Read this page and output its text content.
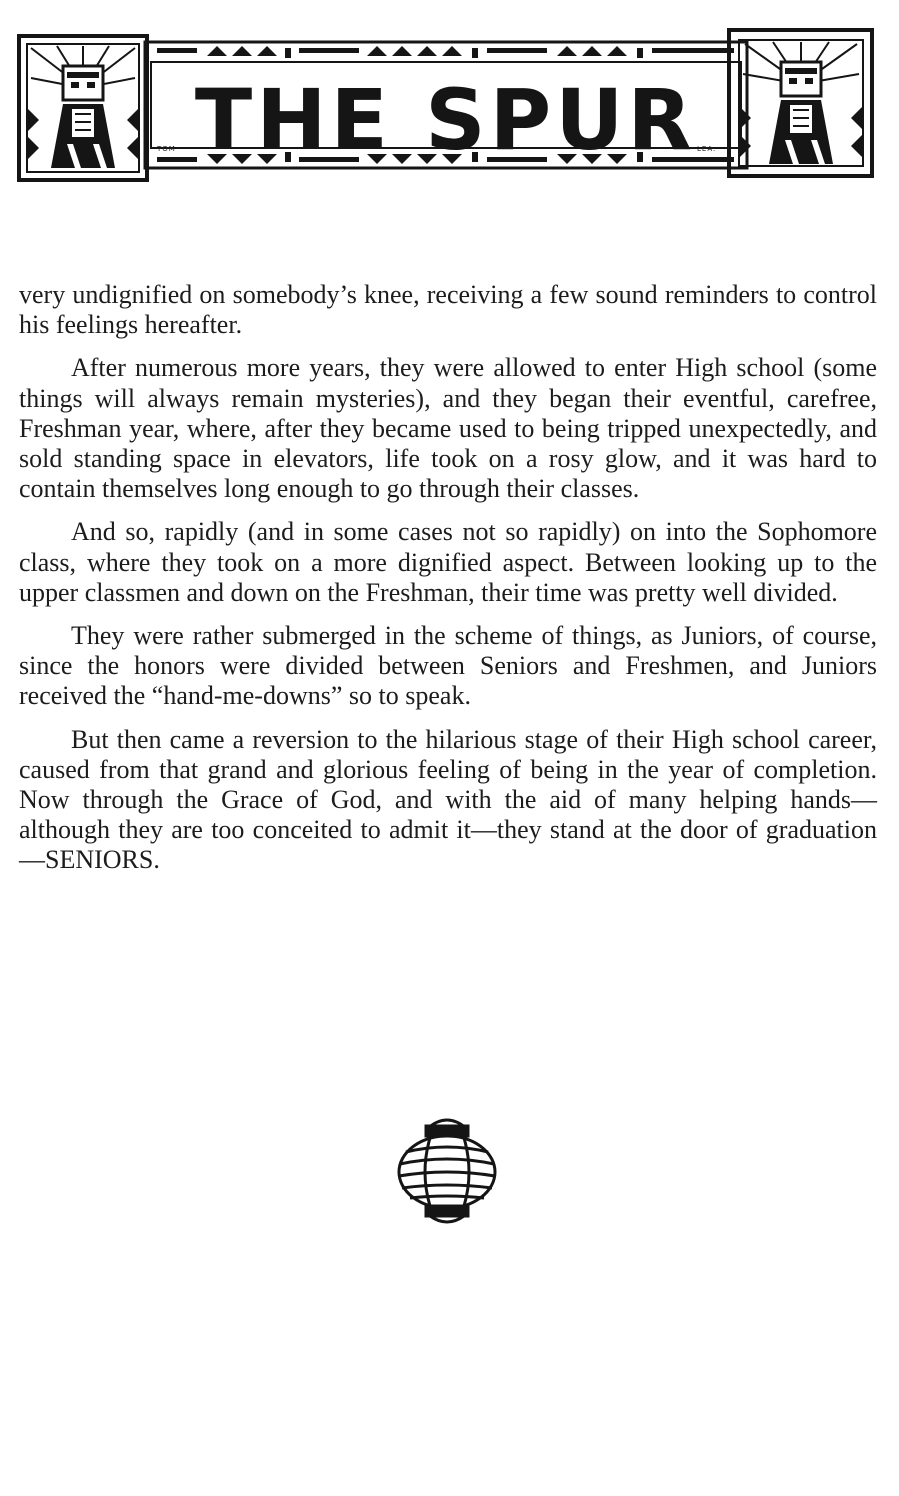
THE SPUR
TOM	LEA.

very undignified on somebody’s knee, receiving a few sound reminders to control his feelings hereafter.

After numerous more years, they were allowed to enter High school (some things will always remain mysteries), and they began their eventful, carefree, Freshman year, where, after they became used to being tripped unexpectedly, and sold standing space in elevators, life took on a rosy glow, and it was hard to contain themselves long enough to go through their classes.

And so, rapidly (and in some cases not so rapidly) on into the Sophomore class, where they took on a more dignified aspect. Between looking up to the upper classmen and down on the Freshman, their time was pretty well divided.

They were rather submerged in the scheme of things, as Juniors, of course, since the honors were divided between Seniors and Freshmen, and Juniors received the “hand-me-downs” so to speak.

But then came a reversion to the hilarious stage of their High school career, caused from that grand and glorious feeling of being in the year of completion. Now through the Grace of God, and with the aid of many helping hands—although they are too conceited to admit it—they stand at the door of graduation—SENIORS.
